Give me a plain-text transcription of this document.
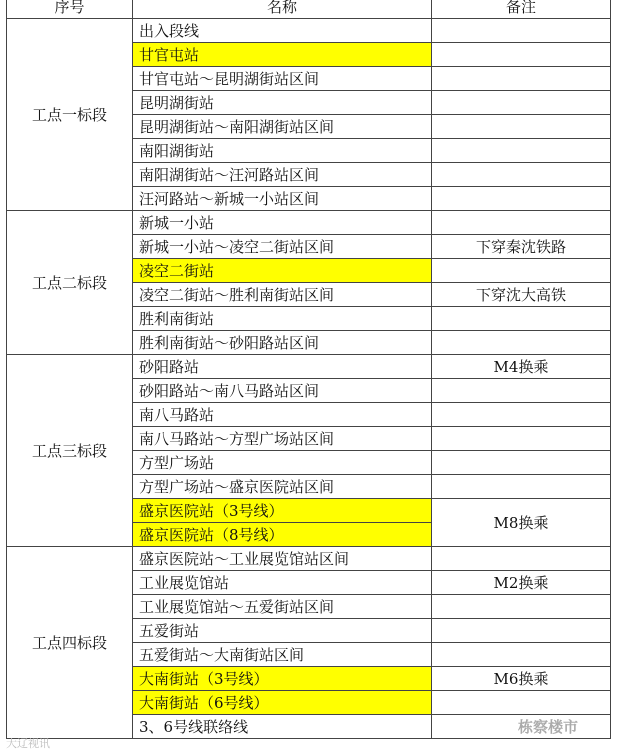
序号	名称	备注
工点一标段	出入段线	
	甘官屯站	
	甘官屯站～昆明湖街站区间	
	昆明湖街站	
	昆明湖街站～南阳湖街站区间	
	南阳湖街站	
	南阳湖街站～汪河路站区间	
	汪河路站～新城一小站区间	
工点二标段	新城一小站	
	新城一小站～凌空二街站区间	下穿秦沈铁路
	凌空二街站	
	凌空二街站～胜利南街站区间	下穿沈大高铁
	胜利南街站	
	胜利南街站～砂阳路站区间	
工点三标段	砂阳路站	M4换乘
	砂阳路站～南八马路站区间	
	南八马路站	
	南八马路站～方型广场站区间	
	方型广场站	
	方型广场站～盛京医院站区间	
	盛京医院站（3号线）	M8换乘
	盛京医院站（8号线）	
工点四标段	盛京医院站～工业展览馆站区间	
	工业展览馆站	M2换乘
	工业展览馆站～五爱街站区间	
	五爱街站	
	五爱街站～大南街站区间	
	大南街站（3号线）	M6换乘
	大南街站（6号线）	
	3、6号线联络线	
大辽视讯
栋察楼市
